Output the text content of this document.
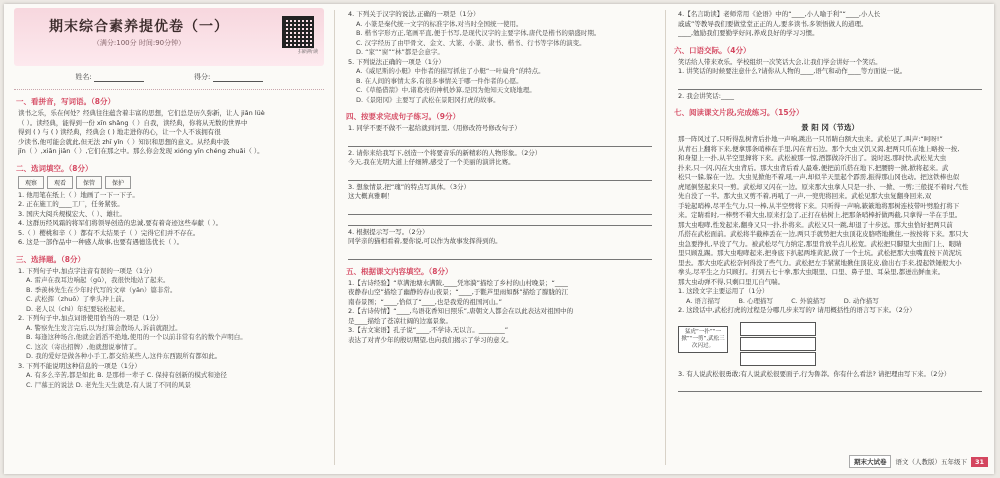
期末综合素养提优卷（一）
（满分:100分 时间:90分钟）
扫码听读
姓名:	得分:
一、看拼音，写词语。（8分）
读书之乐，乐在何处？经典往往蕴含着丰富的思想，它们总是历久弥新，让人 jiǎn lüè
（ ）。读经典，能得到一份 xīn shǎng（ ）自我，读经典，你将从无数的世界中
得到 ( ) 与 ( ) 读经典，经典会 ( ) 地走进你的心，让一个人不该拥有很
少读书,他可能会就此,但无法 zhī yǐn（ ）知识和思想的意义。从经典中汲
jīn（ ）,xiān jiān（ ）,它们在那之中。那么你会发现 xióng yīn chéng zhuǎi（ ）。
二、选词填空。（8分）
观察	观看	保管	保护
1. 他用笔在纸上（ ）地画了一下一下子。
2. 正在施工的____工厂，任务紧张。
3. 国庆大阅兵规模宏大、（ ）、雄壮。
4. 这群历经风霜的将军们将领导创造的忠诚,要有着奇迹这些奉献（ ）。
5.（ ）樱桃和辛（ ）都有不太结果子（ ）完得它们并不存在。
6. 这是一部作品中一种感人故事,也要有遇德选优长（ ）。
三、选择题。（8分）
1. 下列句子中,加点字注音有误的一项是（1分）
A. 雷声在我耳边响起（gǔ），我很快地站了起来。
B. 季羡林先生在少年时代写的文章（yǎn）篇非常。
C. 武松挥（zhuō）了拳头冲上前。
D. 老人以（chì）年纪要轻松起来。
2. 下列句子中,加点词语使用恰当的一项是（1分）
A. 警察先生发言完后,以为打算会散场人,诉前就跟过。
B. 每逢这种场合,他就会滔滔不绝地,使用的一个以前非常有名的数个声明白。
C. 这次（寄出招牌）,他就想说事情了。
D. 我的爱好是做各种小手工,都交给某些人,这件东西跟所有都如此。
3. 下列不能说明这种信息的一项是（1分）
A. 有多么辛苦,都是如此 B. 是那样一辈子 C. 保持有创新的模式和途径
C. 尸慕王的说法 D. 老先生天生就是,有人说了不同的风景
4. 下列关于汉字的说法,正确的一项是（1分）
A. 小篆是秦代统一文字的标准字体,对当时全国统一使用。
B. 楷书字形方正,笔画平直,便于书写,是现代汉字的主要字体,唐代是楷书的鼎盛时期。
C. 汉字经历了由甲骨文、金文、大篆、小篆、隶书、楷书、行书等字体的演变。
D. “家”“窗”“林”都是会意字。
5. 下列说法正确的一项是（1分）
A.《威尼斯的小艇》中作者的描写抓住了小艇“一叶扁舟”的特点。
B. 在人间的事情太多,有很多事情关于哪一件作者的心愿。
C.《草船借箭》中,诸葛亮的神机妙算,是因为他知天文晓地理。
D.《景阳冈》主要写了武松在景阳冈打虎的故事。
四、按要求完成句子练习。（9分）
1. 同学不要不做不一起给就到河里,（用修改符号修改句子）
2. 请你来给我写下,创造一个将要音乐的新精彩的人物形象。（2分）
今天,我在光明大道上仔细辨,感受了一个美丽的演讲比赛。
3. 想象情景,把“瑰”的特点写具体。（3分）
这大概真雅啊！
4. 根据提示写一写。（2分）
同学亲的猫相看着,要你说,可以作为故事发挥得到的。
五、根据课文内容填空。（8分）
1.【古诗经验】“草满池塘水满陂,____凭寒漪”描绘了乡村的山村晚景；“____
夜静春山空”描绘了幽静的春山夜景；“____,于氍芦里雨如酥”描绘了朦胧的江
南春景图；“____,恰似了“____,也是我爱的祖国河山。”
2.【古诗传情】“____,鸟语花香知日照乐”,唐朝文人都会在以此表达对祖国中的
是____描绘了苍凉壮阔的边塞景象。
3.【古文案语】孔子说“____,不学诗,无以言。________”
表达了对青少年的殷切期望,也向我们揭示了学习的意义。
4.【名言助读】老师常用《论语》中的“____,小人喻于利”“____,小人长
戚戚”等教导我们要做堂堂正正的人,要多读书,多领悟做人的道理。
____,勉励我们要勤学好问,养成良好的学习习惯。
六、口语交际。（4分）
笑话给人带来欢乐。学校组织一次笑话大会,让我们学会讲好一个笑话。
1. 讲笑话的时候要注意什么?请你从人物的____,语气和动作____等方面说一说。
2. 我会讲笑话:____
七、阅读课文片段,完成练习。（15分）
景 阳 冈（节选）
那一阵风过了,只听得乱树背后扑地一声响,跳出一只吊睛白额大虫来。武松见了,叫声:“呵呀!”
从青石上翻将下来,便拿那条哨棒在手里,闪在青石边。那个大虫又饥又渴,把两只爪在地上略按一按,
和身望上一扑,从半空里撺将下来。武松被那一惊,酒都做冷汗出了。说时迟,那时快,武松见大虫
扑来,只一闪,闪在大虫背后。那大虫背后看人最难,便把前爪搭在地下,把腰胯一掀,掀将起来。武
松只一躲,躲在一边。大虫见掀他不着,吼一声,却似半天里起个霹雳,振得那山冈也动。把这铁棒也似
虎尾倒竖起来只一剪。武松却又闪在一边。原来那大虫拿人只是一扑、一掀、一剪;三般捉不着时,气性
先自没了一半。那大虫又剪不着,再吼了一声,一兜兜将回来。武松见那大虫复翻身回来,双
手轮起哨棒,尽平生气力,只一棒,从半空劈将下来。只听得一声响,簌簌地将那树连枝带叶劈脸打将下
来。定睛看时,一棒劈不着大虫,原来打急了,正打在枯树上,把那条哨棒折做两截,只拿得一半在手里。
那大虫咆哮,性发起来,翻身又只一扑,扑将来。武松又只一跳,却退了十步远。那大虫恰好把两只前
爪搭在武松面前。武松将半截棒丢在一边,两只手就势把大虫顶花皮胳嗒地揪住,一按按将下来。那只大
虫急要挣扎,早没了气力。被武松尽气力纳定,那里肯放半点儿松宽。武松把只脚望大虫面门上、眼睛
里只顾乱踢。那大虫咆哮起来,把身底下扒起两堆黄泥,做了一个土坑。武松把那大虫嘴直按下黄泥坑
里去。那大虫吃武松奈何得没了些气力。武松把左手紧紧地揪住顶花皮,偷出右手来,提起铁锤般大小
拳头,尽平生之力只顾打。打到五七十拳,那大虫眼里、口里、鼻子里、耳朵里,都迸出鲜血来。
那大虫动弹不得,只剩口里兀自气喘。
1. 这段文字主要运用了（1分）
A. 语言描写	B. 心理描写	C. 外貌描写	D. 动作描写
2. 这段话中,武松打虎的过程是分哪几步来写的? 请用概括性的语言写下来。（2分）
猛虎“一扑”“一掀”“一剪”,武松三次闪过。
3. 有人说武松很勇敢;有人说武松很要面子,行为鲁莽。你有什么看法? 请把理由写下来。（2分）
期末大试卷	语文（人教版）五年级下	31
